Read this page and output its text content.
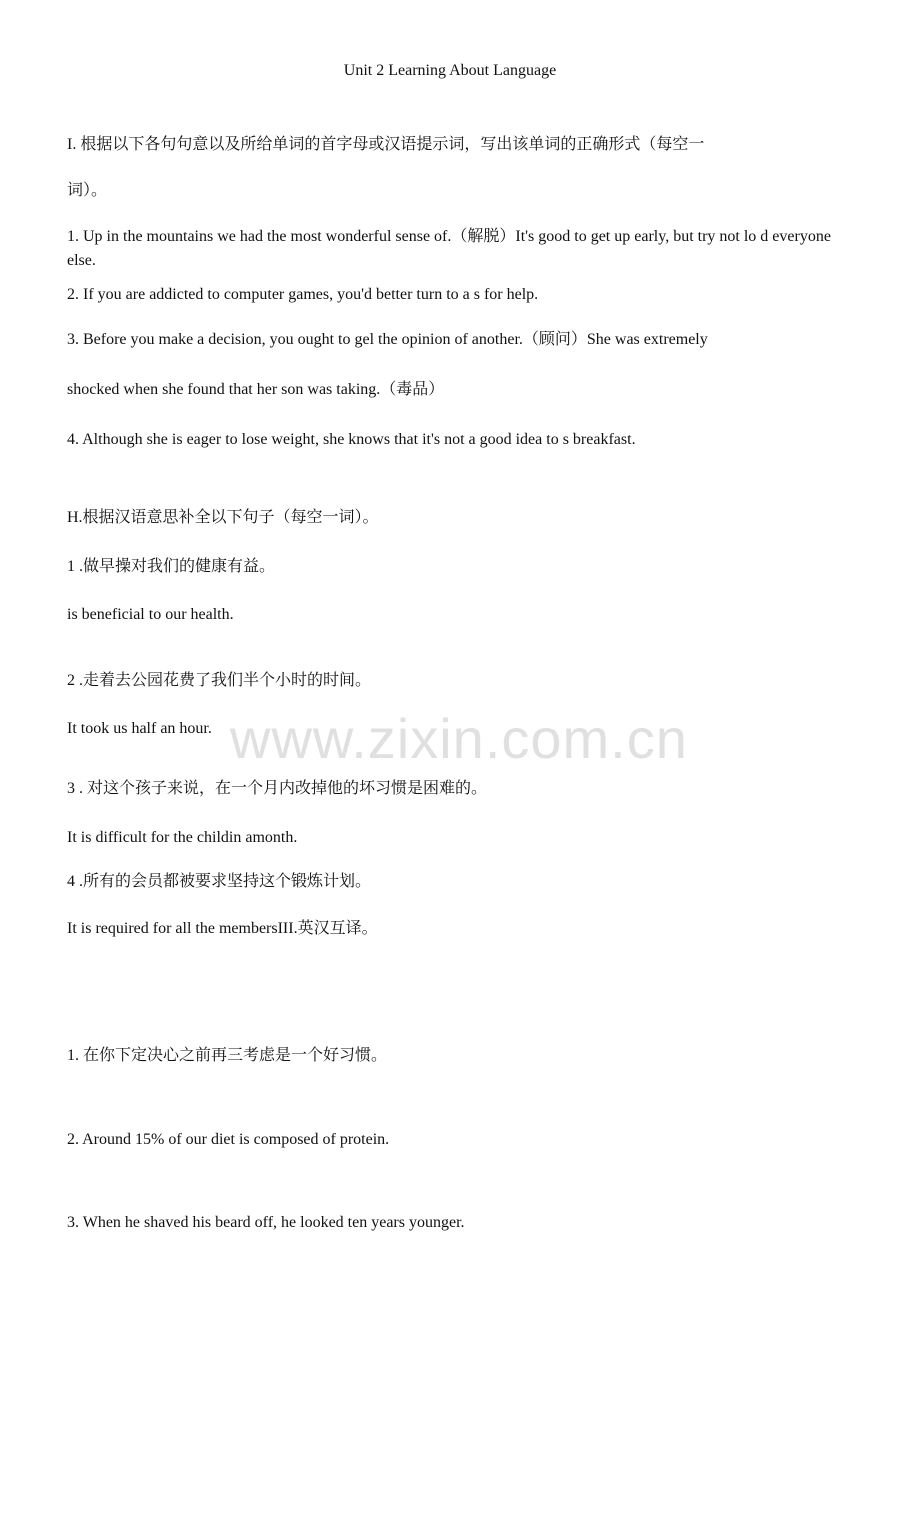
Unit 2 Learning About Language
I. 根据以下各句句意以及所给单词的首字母或汉语提示词，写出该单词的正确形式（每空一
词）。
1. Up in the mountains we had the most wonderful sense of.（解脱）It's good to get up early, but try not lo d everyone else.
2. If you are addicted to computer games, you'd better turn to a s for help.
3. Before you make a decision, you ought to gel the opinion of another.（顾问）She was extremely
shocked when she found that her son was taking.（毒品）
4. Although she is eager to lose weight, she knows that it's not a good idea to s breakfast.
H.根据汉语意思补全以下句子（每空一词）。
1 .做早操对我们的健康有益。
is beneficial to our health.
2 .走着去公园花费了我们半个小时的时间。
It took us half an hour.
3 . 对这个孩子来说，在一个月内改掉他的坏习惯是困难的。
It is difficult for the childin amonth.
4 .所有的会员都被要求坚持这个锻炼计划。
It is required for all the membersIII.英汉互译。
1. 在你下定决心之前再三考虑是一个好习惯。
2. Around 15% of our diet is composed of protein.
3. When he shaved his beard off, he looked ten years younger.
www.zixin.com.cn
